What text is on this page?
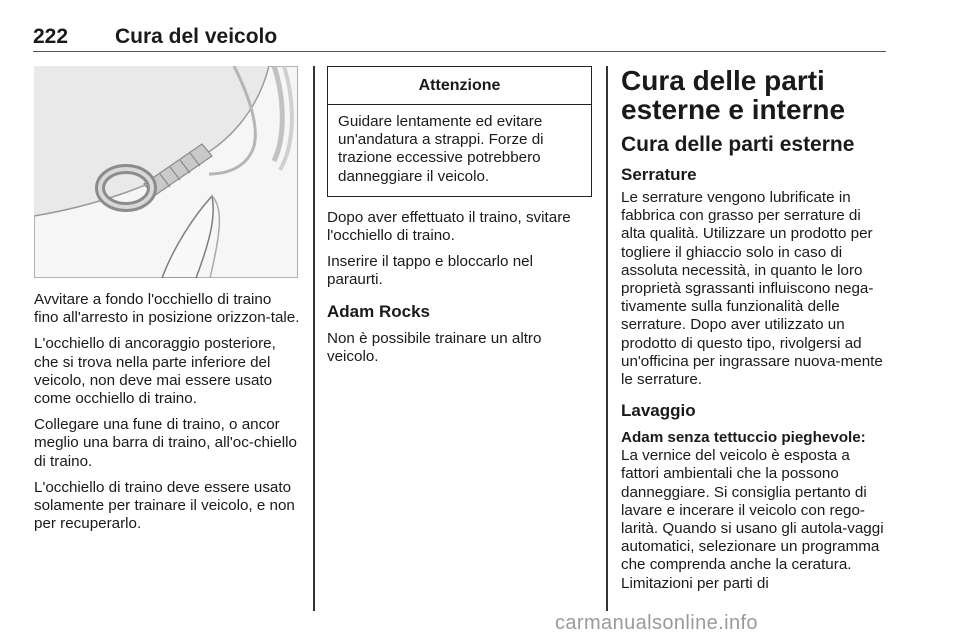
222 Cura del veicolo

Avvitare a fondo l'occhiello di traino fino all'arresto in posizione orizzon-tale.

L'occhiello di ancoraggio posteriore, che si trova nella parte inferiore del veicolo, non deve mai essere usato come occhiello di traino.

Collegare una fune di traino, o ancor meglio una barra di traino, all'oc-chiello di traino.

L'occhiello di traino deve essere usato solamente per trainare il veicolo, e non per recuperarlo.

Attenzione
Guidare lentamente ed evitare un'andatura a strappi. Forze di trazione eccessive potrebbero danneggiare il veicolo.

Dopo aver effettuato il traino, svitare l'occhiello di traino.

Inserire il tappo e bloccarlo nel paraurti.

Adam Rocks

Non è possibile trainare un altro veicolo.

Cura delle parti esterne e interne
Cura delle parti esterne
Serrature

Le serrature vengono lubrificate in fabbrica con grasso per serrature di alta qualità. Utilizzare un prodotto per togliere il ghiaccio solo in caso di assoluta necessità, in quanto le loro proprietà sgrassanti influiscono nega-tivamente sulla funzionalità delle serrature. Dopo aver utilizzato un prodotto di questo tipo, rivolgersi ad un'officina per ingrassare nuova-mente le serrature.

Lavaggio
Adam senza tettuccio pieghevole:

La vernice del veicolo è esposta a fattori ambientali che la possono danneggiare. Si consiglia pertanto di lavare e incerare il veicolo con rego-larità. Quando si usano gli autola-vaggi automatici, selezionare un programma che comprenda anche la ceratura. Limitazioni per parti di

carmanualsonline.info
